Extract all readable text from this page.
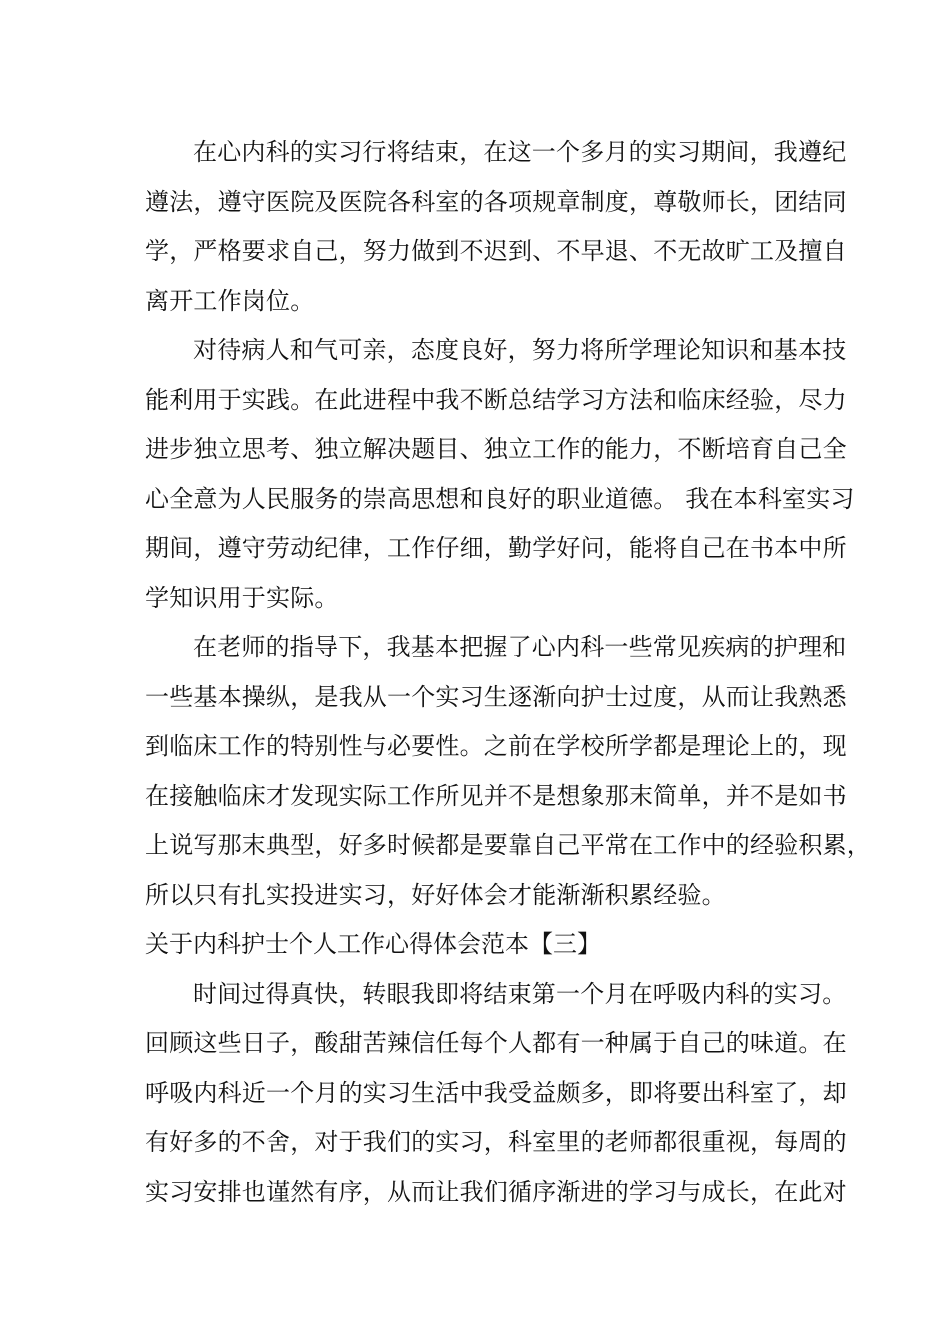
在心内科的实习行将结束，在这一个多月的实习期间，我遵纪
遵法，遵守医院及医院各科室的各项规章制度，尊敬师长，团结同
学，严格要求自己，努力做到不迟到、不早退、不无故旷工及擅自
离开工作岗位。
对待病人和气可亲，态度良好，努力将所学理论知识和基本技
能利用于实践。在此进程中我不断总结学习方法和临床经验，尽力
进步独立思考、独立解决题目、独立工作的能力，不断培育自己全
心全意为人民服务的崇高思想和良好的职业道德。 我在本科室实习
期间，遵守劳动纪律，工作仔细，勤学好问，能将自己在书本中所
学知识用于实际。
在老师的指导下，我基本把握了心内科一些常见疾病的护理和
一些基本操纵，是我从一个实习生逐渐向护士过度，从而让我熟悉
到临床工作的特别性与必要性。之前在学校所学都是理论上的，现
在接触临床才发现实际工作所见并不是想象那末简单，并不是如书
上说写那末典型，好多时候都是要靠自己平常在工作中的经验积累，
所以只有扎实投进实习，好好体会才能渐渐积累经验。
关于内科护士个人工作心得体会范本【三】
时间过得真快，转眼我即将结束第一个月在呼吸内科的实习。
回顾这些日子，酸甜苦辣信任每个人都有一种属于自己的味道。在
呼吸内科近一个月的实习生活中我受益颇多，即将要出科室了，却
有好多的不舍，对于我们的实习，科室里的老师都很重视，每周的
实习安排也谨然有序，从而让我们循序渐进的学习与成长，在此对
